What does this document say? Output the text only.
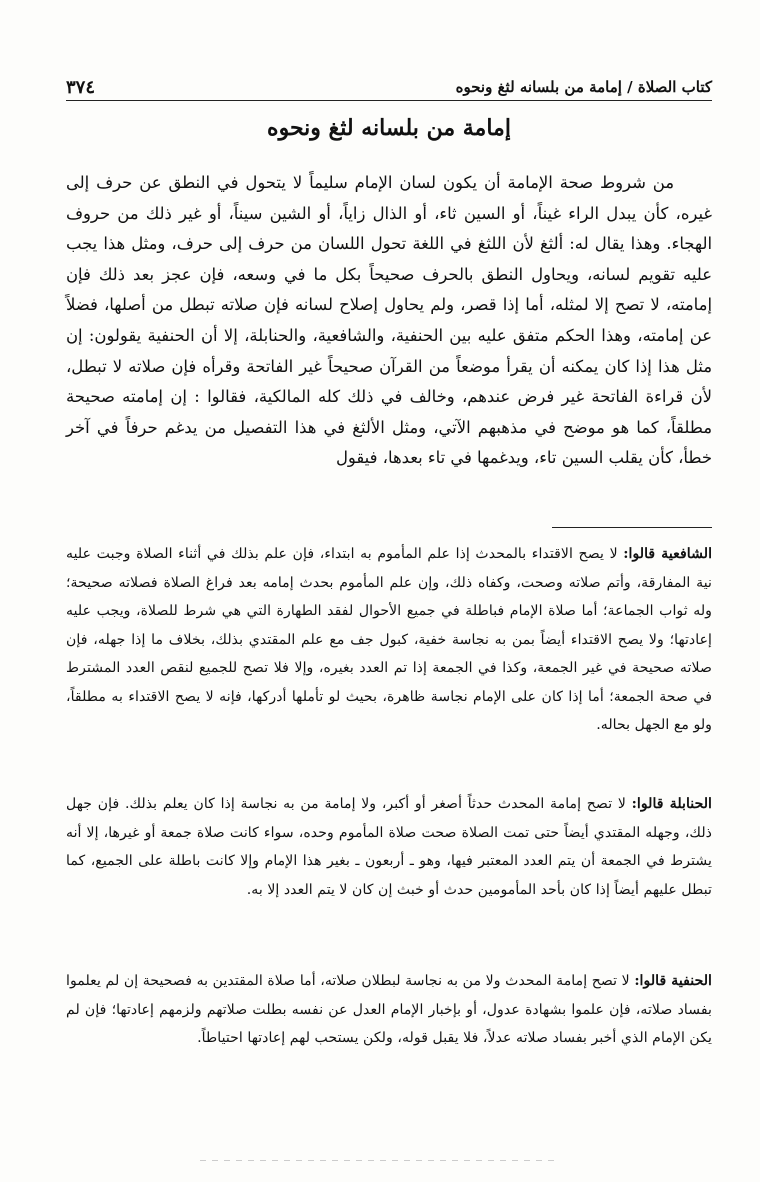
كتاب الصلاة / إمامة من بلسانه لثغ ونحوه
٣٧٤
إمامة من بلسانه لثغ ونحوه
من شروط صحة الإمامة أن يكون لسان الإمام سليماً لا يتحول في النطق عن حرف إلى غيره، كأن يبدل الراء غيناً، أو السين ثاء، أو الذال زاياً، أو الشين سيناً، أو غير ذلك من حروف الهجاء. وهذا يقال له: ألثغ لأن اللثغ في اللغة تحول اللسان من حرف إلى حرف، ومثل هذا يجب عليه تقويم لسانه، ويحاول النطق بالحرف صحيحاً بكل ما في وسعه، فإن عجز بعد ذلك فإن إمامته، لا تصح إلا لمثله، أما إذا قصر، ولم يحاول إصلاح لسانه فإن صلاته تبطل من أصلها، فضلاً عن إمامته، وهذا الحكم متفق عليه بين الحنفية، والشافعية، والحنابلة، إلا أن الحنفية يقولون: إن مثل هذا إذا كان يمكنه أن يقرأ موضعاً من القرآن صحيحاً غير الفاتحة وقرأه فإن صلاته لا تبطل، لأن قراءة الفاتحة غير فرض عندهم، وخالف في ذلك كله المالكية، فقالوا : إن إمامته صحيحة مطلقاً، كما هو موضح في مذهبهم الآتي، ومثل الألثغ في هذا التفصيل من يدغم حرفاً في آخر خطأ، كأن يقلب السين تاء، ويدغمها في تاء بعدها، فيقول
الشافعية قالوا: لا يصح الاقتداء بالمحدث إذا علم المأموم به ابتداء، فإن علم بذلك في أثناء الصلاة وجبت عليه نية المفارقة، وأتم صلاته وصحت، وكفاه ذلك، وإن علم المأموم بحدث إمامه بعد فراغ الصلاة فصلاته صحيحة؛ وله ثواب الجماعة؛ أما صلاة الإمام فباطلة في جميع الأحوال لفقد الطهارة التي هي شرط للصلاة، ويجب عليه إعادتها؛ ولا يصح الاقتداء أيضاً بمن به نجاسة خفية، كبول جف مع علم المقتدي بذلك، بخلاف ما إذا جهله، فإن صلاته صحيحة في غير الجمعة، وكذا في الجمعة إذا تم العدد بغيره، وإلا فلا تصح للجميع لنقص العدد المشترط في صحة الجمعة؛ أما إذا كان على الإمام نجاسة ظاهرة، بحيث لو تأملها أدركها، فإنه لا يصح الاقتداء به مطلقاً، ولو مع الجهل بحاله.
الحنابلة قالوا: لا تصح إمامة المحدث حدثاً أصغر أو أكبر، ولا إمامة من به نجاسة إذا كان يعلم بذلك. فإن جهل ذلك، وجهله المقتدي أيضاً حتى تمت الصلاة صحت صلاة المأموم وحده، سواء كانت صلاة جمعة أو غيرها، إلا أنه يشترط في الجمعة أن يتم العدد المعتبر فيها، وهو ـ أربعون ـ بغير هذا الإمام وإلا كانت باطلة على الجميع، كما تبطل عليهم أيضاً إذا كان بأحد المأمومين حدث أو خبث إن كان لا يتم العدد إلا به.
الحنفية قالوا: لا تصح إمامة المحدث ولا من به نجاسة لبطلان صلاته، أما صلاة المقتدين به فصحيحة إن لم يعلموا بفساد صلاته، فإن علموا بشهادة عدول، أو بإخبار الإمام العدل عن نفسه بطلت صلاتهم ولزمهم إعادتها؛ فإن لم يكن الإمام الذي أخبر بفساد صلاته عدلاً، فلا يقبل قوله، ولكن يستحب لهم إعادتها احتياطاً.
